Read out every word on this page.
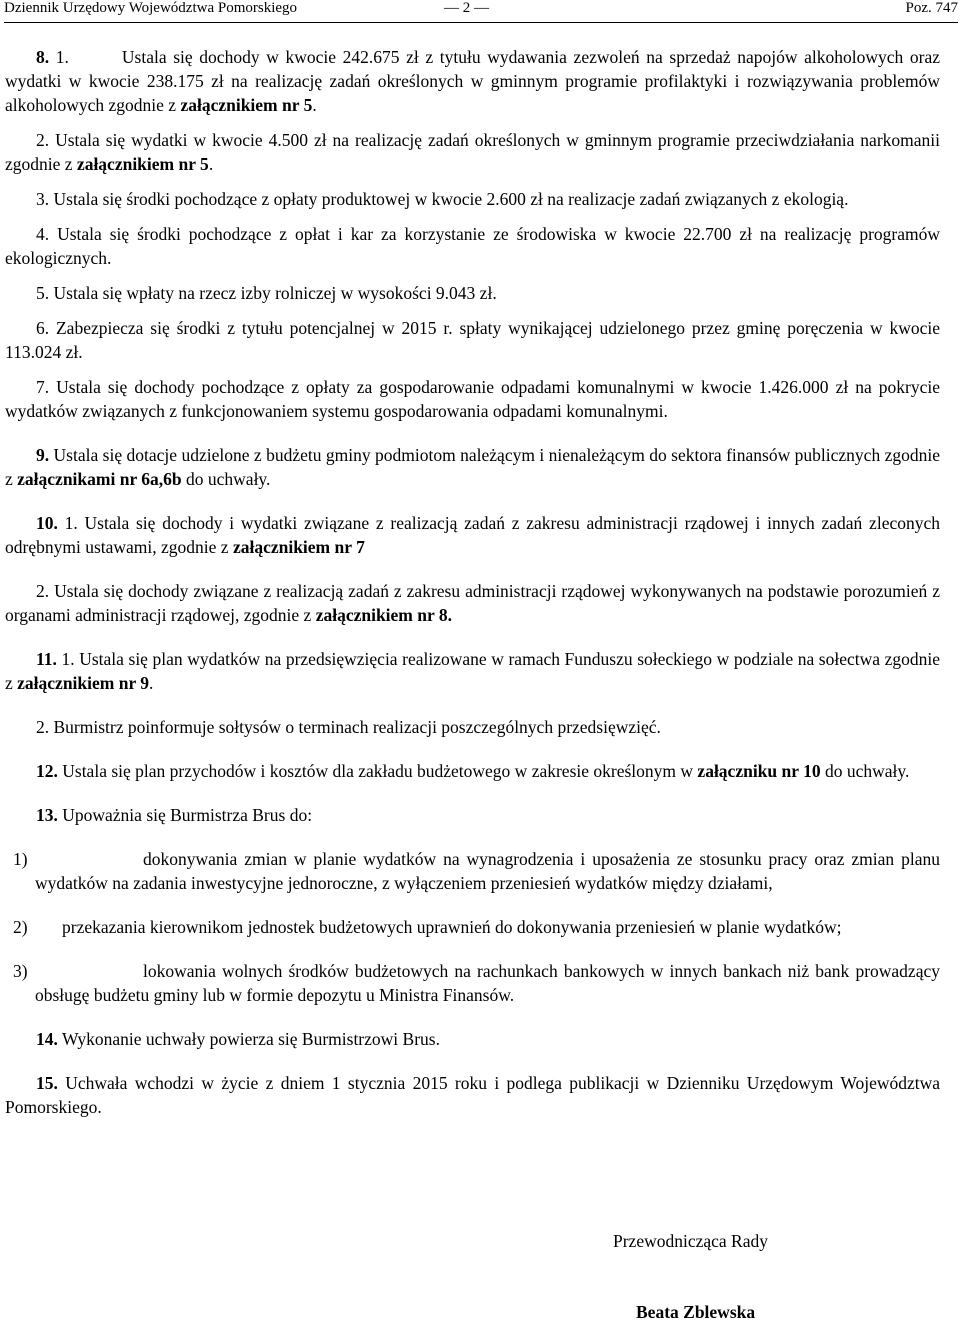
Dziennik Urzędowy Województwa Pomorskiego	— 2 —	Poz. 747

8. 1.	Ustala się dochody w kwocie 242.675 zł z tytułu wydawania zezwoleń na sprzedaż napojów alkoholowych oraz wydatki w kwocie 238.175 zł na realizację zadań określonych w gminnym programie profilaktyki i rozwiązywania problemów alkoholowych zgodnie z załącznikiem nr 5.

2. Ustala się wydatki w kwocie 4.500 zł na realizację zadań określonych w gminnym programie przeciwdziałania narkomanii zgodnie z załącznikiem nr 5.

3. Ustala się środki pochodzące z opłaty produktowej w kwocie 2.600 zł na realizacje zadań związanych z ekologią.

4. Ustala się środki pochodzące z opłat i kar za korzystanie ze środowiska w kwocie 22.700 zł na realizację programów ekologicznych.

5. Ustala się wpłaty na rzecz izby rolniczej w wysokości 9.043 zł.

6. Zabezpiecza się środki z tytułu potencjalnej w 2015 r. spłaty wynikającej udzielonego przez gminę poręczenia w kwocie 113.024 zł.

7. Ustala się dochody pochodzące z opłaty za gospodarowanie odpadami komunalnymi w kwocie 1.426.000 zł na pokrycie wydatków związanych z funkcjonowaniem systemu gospodarowania odpadami komunalnymi.

9. Ustala się dotacje udzielone z budżetu gminy podmiotom należącym i nienależącym do sektora finansów publicznych zgodnie z załącznikami nr 6a,6b do uchwały.

10. 1. Ustala się dochody i wydatki związane z realizacją zadań z zakresu administracji rządowej i innych zadań zleconych odrębnymi ustawami, zgodnie z załącznikiem nr 7

2. Ustala się dochody związane z realizacją zadań z zakresu administracji rządowej wykonywanych na podstawie porozumień z organami administracji rządowej, zgodnie z załącznikiem nr 8.

11. 1. Ustala się plan wydatków na przedsięwzięcia realizowane w ramach Funduszu sołeckiego w podziale na sołectwa zgodnie z załącznikiem nr 9.

2. Burmistrz poinformuje sołtysów o terminach realizacji poszczególnych przedsięwzięć.

12. Ustala się plan przychodów i kosztów dla zakładu budżetowego w zakresie określonym w załączniku nr 10 do uchwały.

13. Upoważnia się Burmistrza Brus do:

1)	dokonywania zmian w planie wydatków na wynagrodzenia i uposażenia ze stosunku pracy oraz zmian planu wydatków na zadania inwestycyjne jednoroczne, z wyłączeniem przeniesień wydatków między działami,

2) przekazania kierownikom jednostek budżetowych uprawnień do dokonywania przeniesień w planie wydatków;

3)	lokowania wolnych środków budżetowych na rachunkach bankowych w innych bankach niż bank prowadzący obsługę budżetu gminy lub w formie depozytu u Ministra Finansów.

14. Wykonanie uchwały powierza się Burmistrzowi Brus.

15. Uchwała wchodzi w życie z dniem 1 stycznia 2015 roku i podlega publikacji w Dzienniku Urzędowym Województwa Pomorskiego.

Przewodnicząca Rady
Beata Zblewska
